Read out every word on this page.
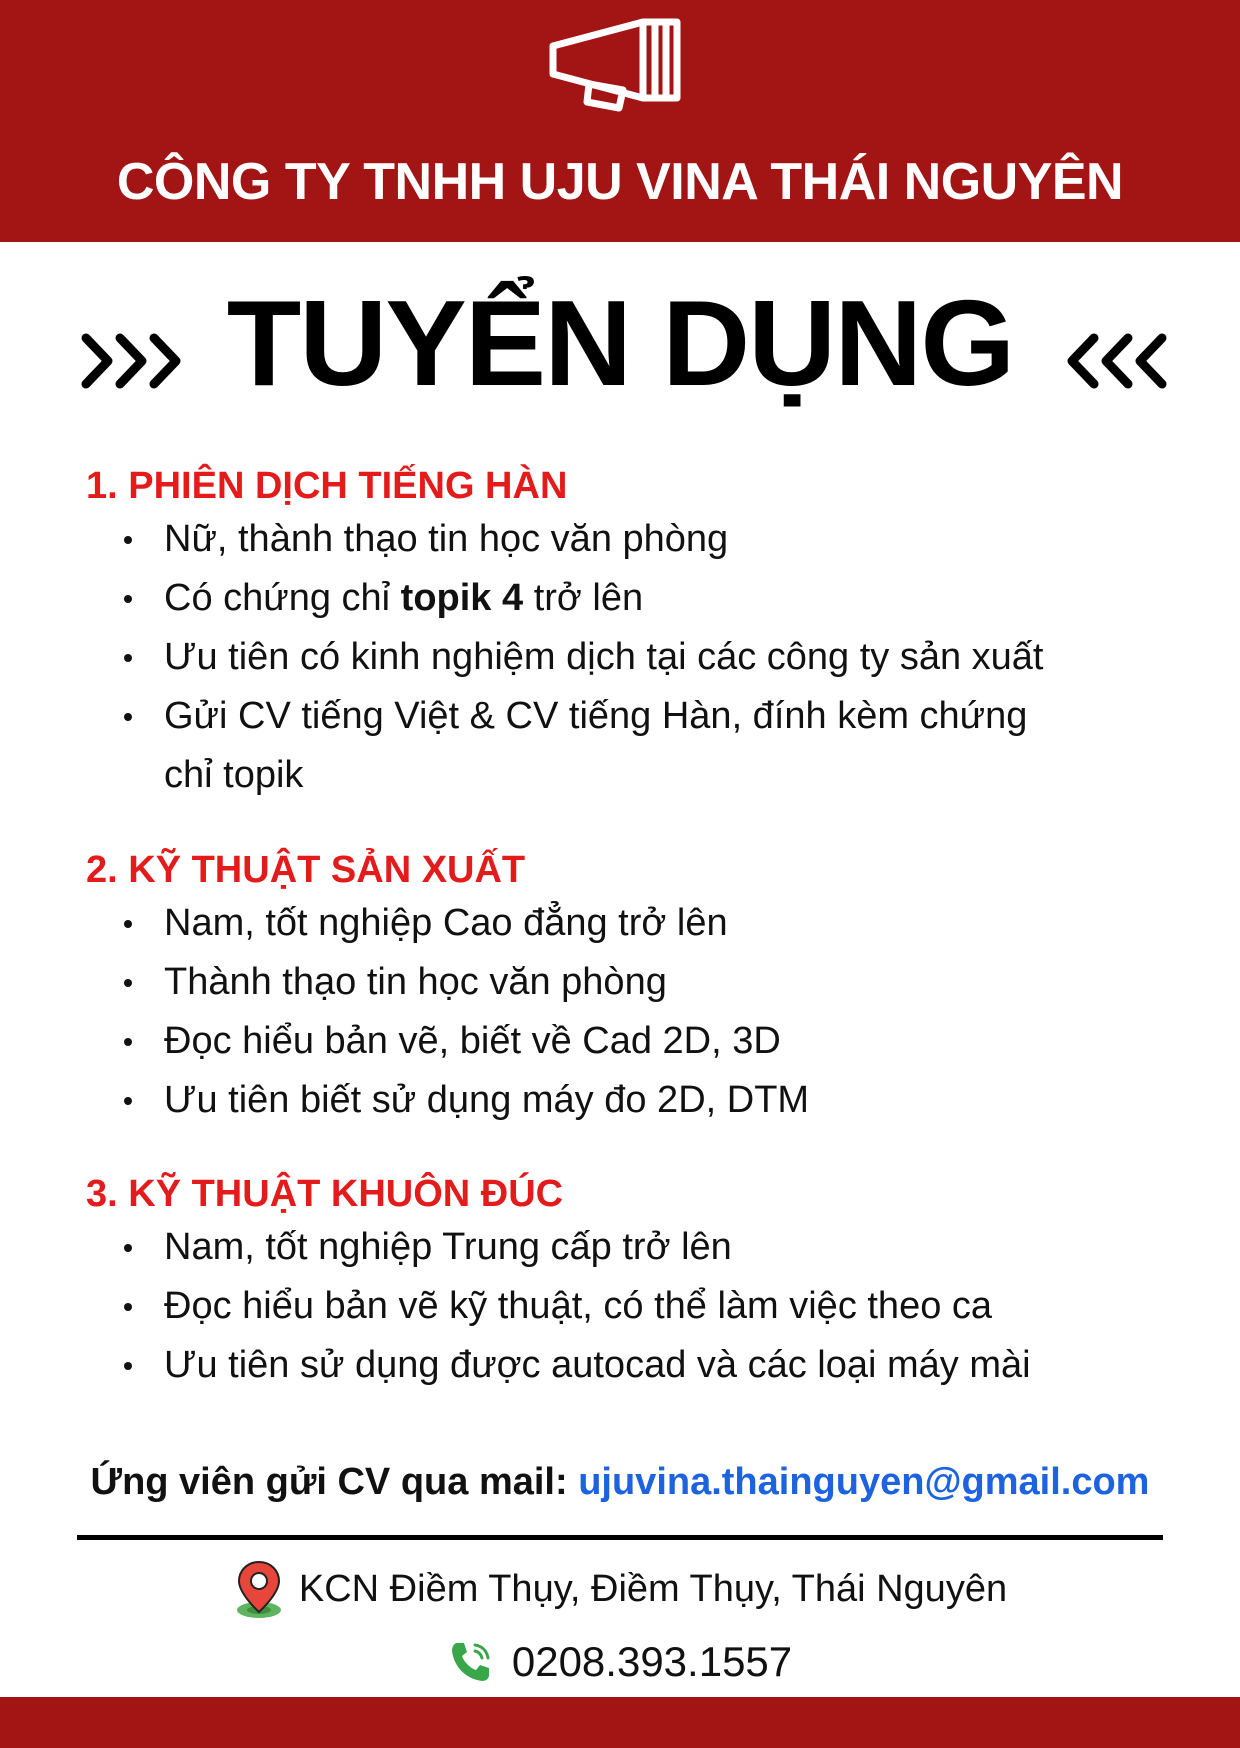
CÔNG TY TNHH UJU VINA THÁI NGUYÊN
TUYỂN DỤNG
1. PHIÊN DỊCH TIẾNG HÀN
Nữ, thành thạo tin học văn phòng
Có chứng chỉ topik 4 trở lên
Ưu tiên có kinh nghiệm dịch tại các công ty sản xuất
Gửi CV tiếng Việt & CV tiếng Hàn, đính kèm chứng
chỉ topik
2. KỸ THUẬT SẢN XUẤT
Nam, tốt nghiệp Cao đẳng trở lên
Thành thạo tin học văn phòng
Đọc hiểu bản vẽ, biết về Cad 2D, 3D
Ưu tiên biết sử dụng máy đo 2D, DTM
3. KỸ THUẬT KHUÔN ĐÚC
Nam, tốt nghiệp Trung cấp trở lên
Đọc hiểu bản vẽ kỹ thuật, có thể làm việc theo ca
Ưu tiên sử dụng được autocad và các loại máy mài
Ứng viên gửi CV qua mail: ujuvina.thainguyen@gmail.com
KCN Điềm Thụy, Điềm Thụy, Thái Nguyên
0208.393.1557
